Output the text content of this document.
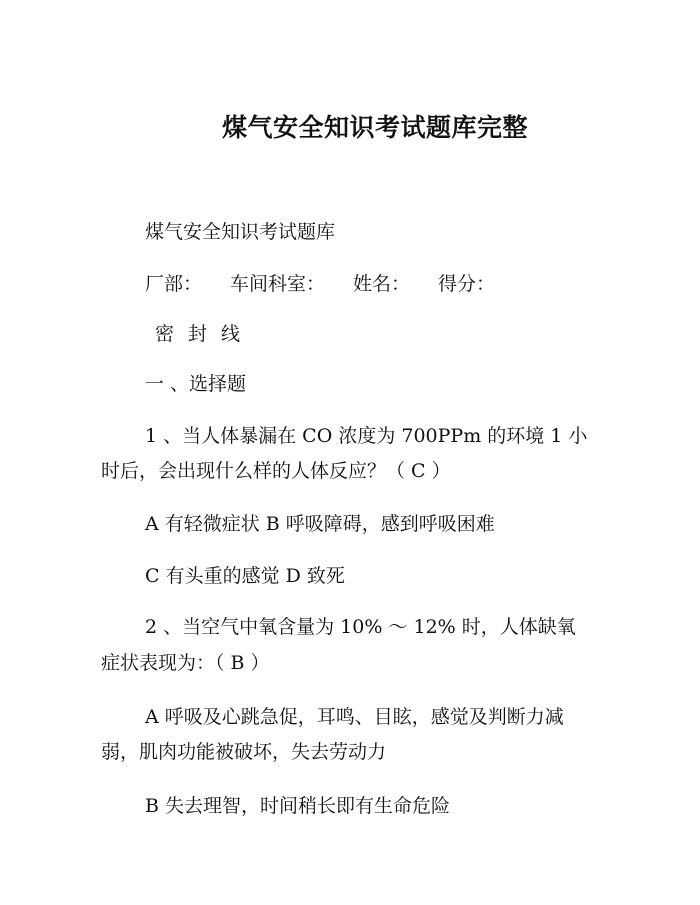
煤气安全知识考试题库完整
煤气安全知识考试题库
厂部： 车间科室： 姓名： 得分：
密 封 线
一 、选择题
1 、当人体暴漏在 CO 浓度为 700PPm 的环境 1 小
时后，会出现什么样的人体反应？（ C ）
A 有轻微症状 B 呼吸障碍，感到呼吸困难
C 有头重的感觉 D 致死
2 、当空气中氧含量为 10% ～ 12% 时，人体缺氧
症状表现为：（ B ）
A 呼吸及心跳急促，耳鸣、目眩，感觉及判断力减
弱，肌肉功能被破坏，失去劳动力
B 失去理智，时间稍长即有生命危险
